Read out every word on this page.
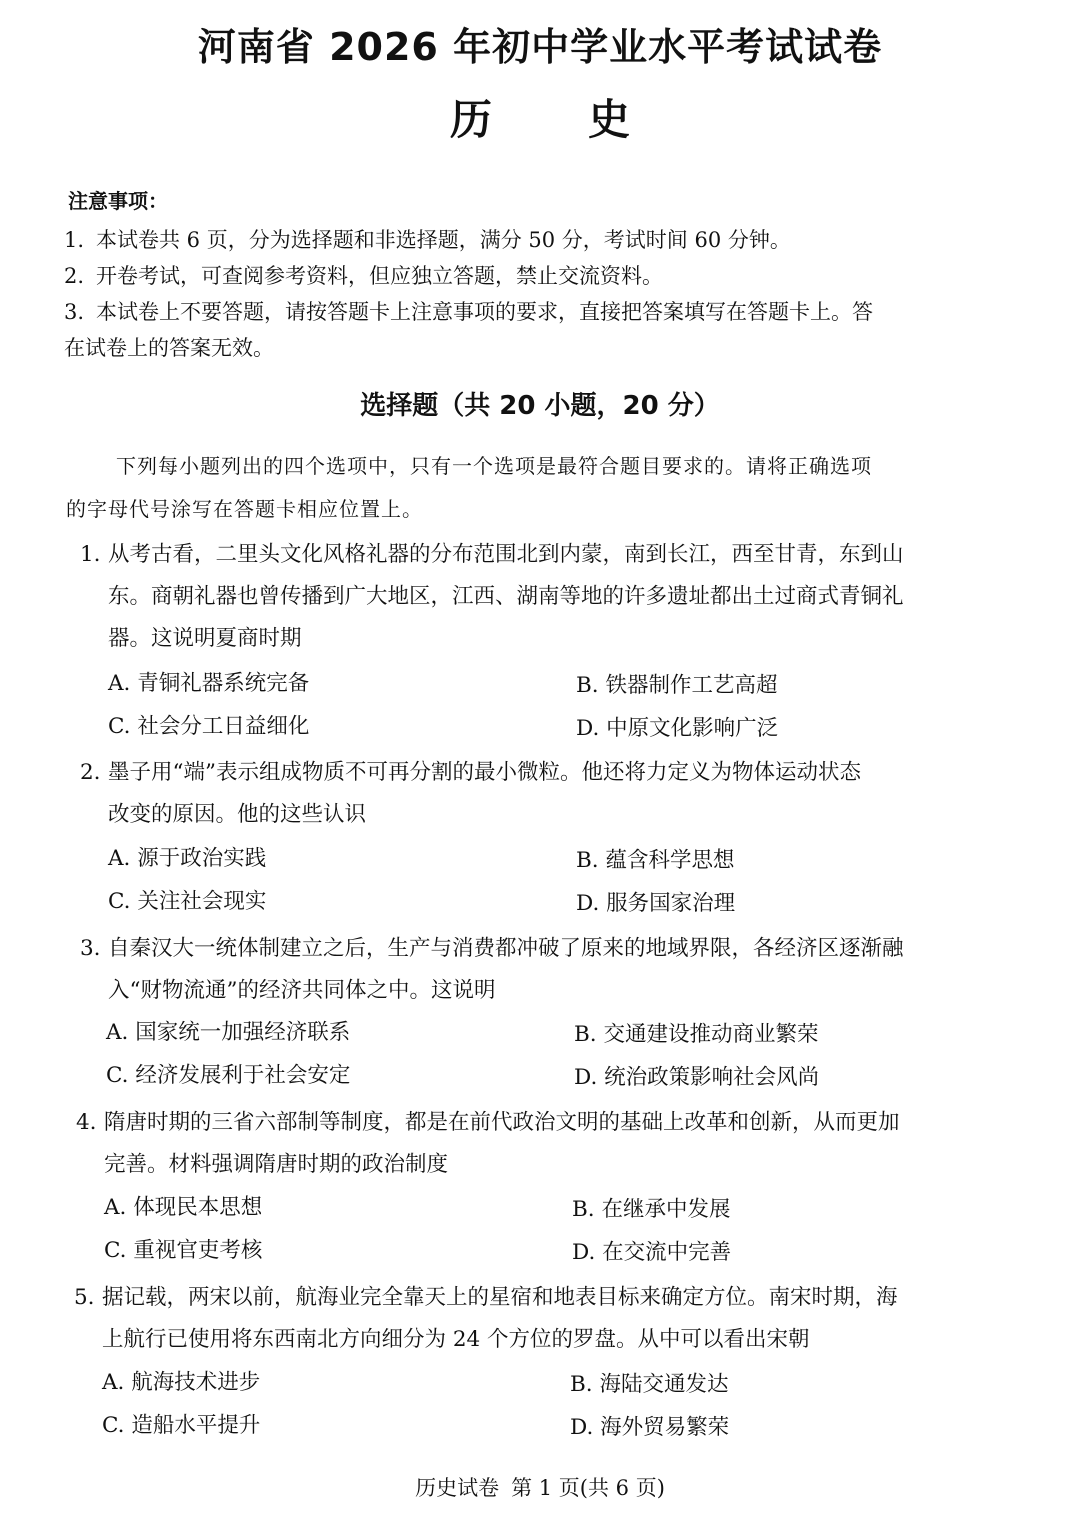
河南省 2026 年初中学业水平考试试卷
历 史
注意事项：
1. 本试卷共 6 页，分为选择题和非选择题，满分 50 分，考试时间 60 分钟。
2. 开卷考试，可查阅参考资料，但应独立答题，禁止交流资料。
3. 本试卷上不要答题，请按答题卡上注意事项的要求，直接把答案填写在答题卡上。答
在试卷上的答案无效。
选择题（共 20 小题，20 分）
下列每小题列出的四个选项中，只有一个选项是最符合题目要求的。请将正确选项
的字母代号涂写在答题卡相应位置上。
1. 从考古看，二里头文化风格礼器的分布范围北到内蒙，南到长江，西至甘青，东到山
东。商朝礼器也曾传播到广大地区，江西、湖南等地的许多遗址都出土过商式青铜礼
器。这说明夏商时期
A. 青铜礼器系统完备	B. 铁器制作工艺高超
C. 社会分工日益细化	D. 中原文化影响广泛
2. 墨子用“端”表示组成物质不可再分割的最小微粒。他还将力定义为物体运动状态
改变的原因。他的这些认识
A. 源于政治实践	B. 蕴含科学思想
C. 关注社会现实	D. 服务国家治理
3. 自秦汉大一统体制建立之后，生产与消费都冲破了原来的地域界限，各经济区逐渐融
入“财物流通”的经济共同体之中。这说明
A. 国家统一加强经济联系	B. 交通建设推动商业繁荣
C. 经济发展利于社会安定	D. 统治政策影响社会风尚
4. 隋唐时期的三省六部制等制度，都是在前代政治文明的基础上改革和创新，从而更加
完善。材料强调隋唐时期的政治制度
A. 体现民本思想	B. 在继承中发展
C. 重视官吏考核	D. 在交流中完善
5. 据记载，两宋以前，航海业完全靠天上的星宿和地表目标来确定方位。南宋时期，海
上航行已使用将东西南北方向细分为 24 个方位的罗盘。从中可以看出宋朝
A. 航海技术进步	B. 海陆交通发达
C. 造船水平提升	D. 海外贸易繁荣
历史试卷 第 1 页(共 6 页)
